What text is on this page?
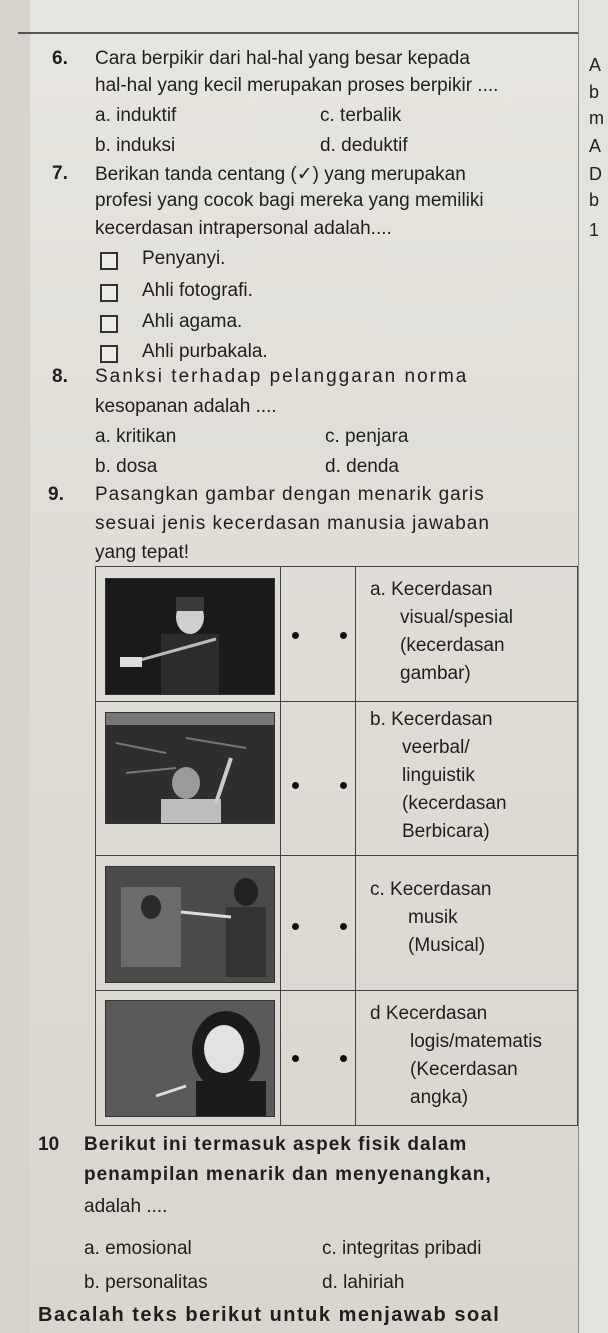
A
b
m
A
D
b
1
6. Cara berpikir dari hal-hal yang besar kepada
hal-hal yang kecil merupakan proses berpikir ....
a. induktif	c. terbalik
b. induksi	d. deduktif
7. Berikan tanda centang (✓) yang merupakan
profesi yang cocok bagi mereka yang memiliki
kecerdasan intrapersonal adalah....
Penyanyi.
Ahli fotografi.
Ahli agama.
Ahli purbakala.
8. Sanksi terhadap pelanggaran norma
kesopanan adalah ....
a. kritikan	c. penjara
b. dosa	d. denda
9. Pasangkan gambar dengan menarik garis
sesuai jenis kecerdasan manusia jawaban
yang tepat!
a. Kecerdasan
visual/spesial
(kecerdasan
gambar)
b. Kecerdasan
veerbal/
linguistik
(kecerdasan
Berbicara)
c. Kecerdasan
musik
(Musical)
d Kecerdasan
logis/matematis
(Kecerdasan
angka)
10 Berikut ini termasuk aspek fisik dalam
penampilan menarik dan menyenangkan,
adalah ....
a. emosional	c. integritas pribadi
b. personalitas	d. lahiriah
Bacalah teks berikut untuk menjawab soal
